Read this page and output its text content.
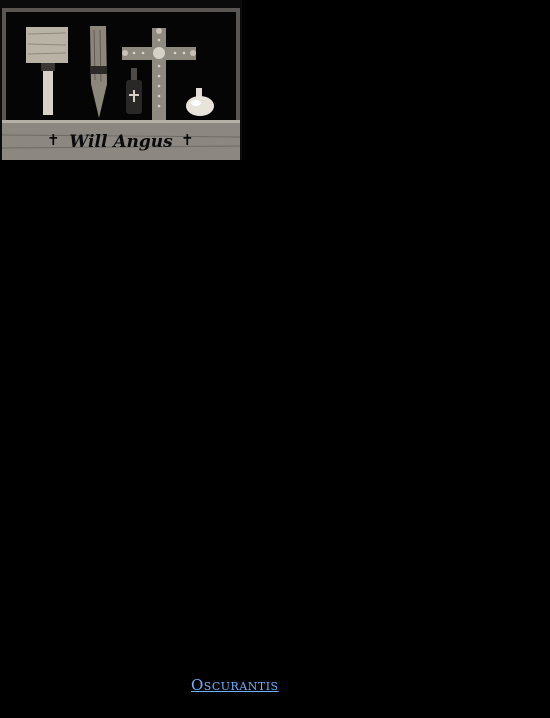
✝ Will Angus ✝
Oscurantis
